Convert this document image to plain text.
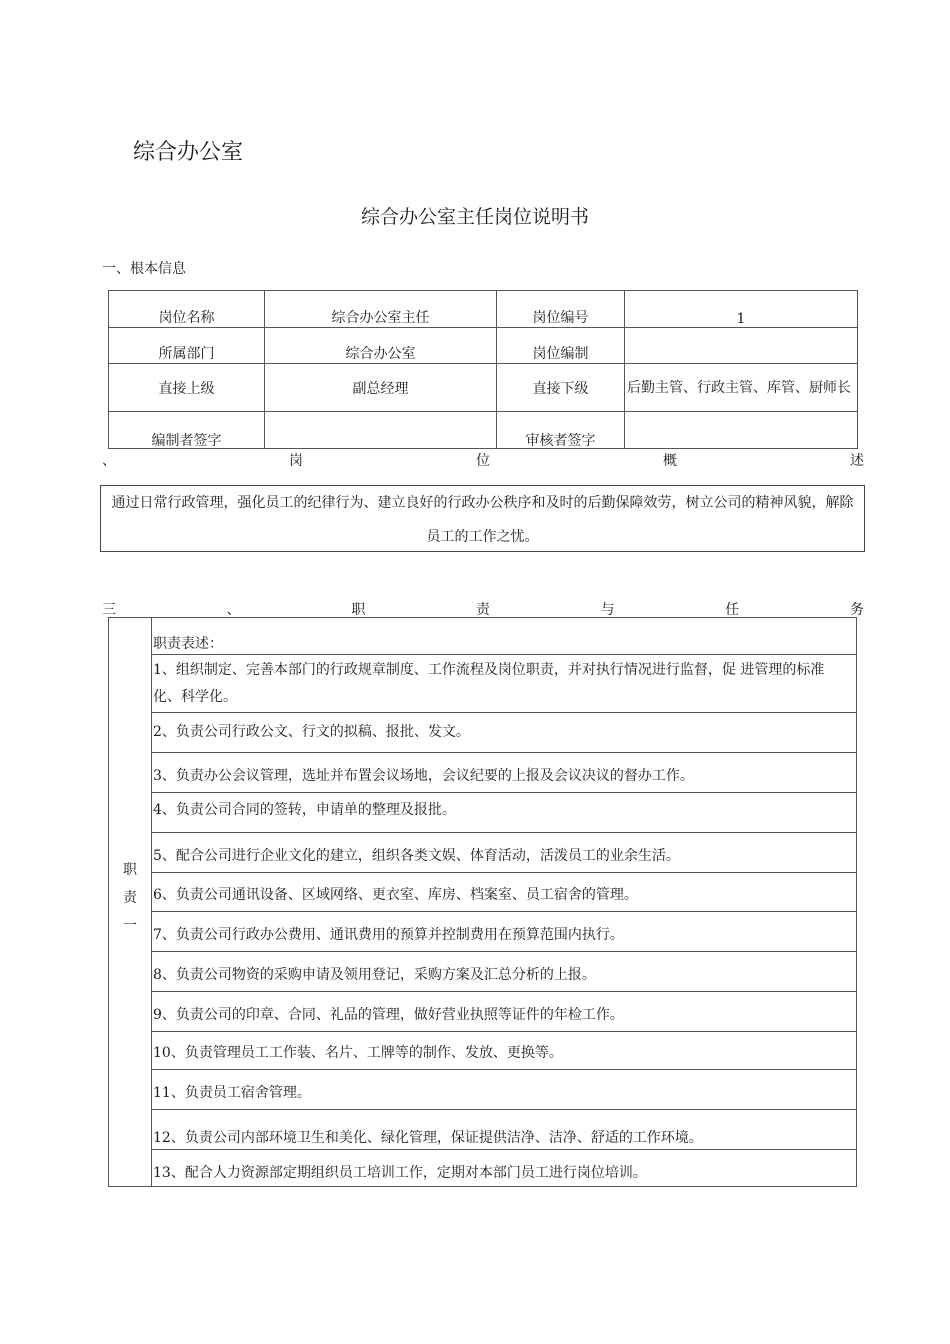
综合办公室
综合办公室主任岗位说明书
一、根本信息
岗位名称	综合办公室主任	岗位编号	1
所属部门	综合办公室	岗位编制	
直接上级	副总经理	直接下级	后勤主管、行政主管、库管、厨师长
编制者签字		审核者签字	
、	岗	位	概	述
通过日常行政管理，强化员工的纪律行为、建立良好的行政办公秩序和及时的后勤保障效劳，树立公司的精神风貌，解除员工的工作之忧。
三	、	职	责	与	任	务
职
责
一
职责表述：
1、组织制定、完善本部门的行政规章制度、工作流程及岗位职责，并对执行情况进行监督，促 进管理的标准化、科学化。
2、负责公司行政公文、行文的拟稿、报批、发文。
3、负责办公会议管理，选址并布置会议场地，会议纪要的上报及会议决议的督办工作。
4、负责公司合同的签转，申请单的整理及报批。
5、配合公司进行企业文化的建立，组织各类文娱、体育活动，活泼员工的业余生活。
6、负责公司通讯设备、区域网络、更衣室、库房、档案室、员工宿舍的管理。
7、负责公司行政办公费用、通讯费用的预算并控制费用在预算范围内执行。
8、负责公司物资的采购申请及领用登记，采购方案及汇总分析的上报。
9、负责公司的印章、合同、礼品的管理，做好营业执照等证件的年检工作。
10、负责管理员工工作装、名片、工牌等的制作、发放、更换等。
11、负责员工宿舍管理。
12、负责公司内部环境卫生和美化、绿化管理，保证提供洁净、洁净、舒适的工作环境。
13、配合人力资源部定期组织员工培训工作，定期对本部门员工进行岗位培训。
